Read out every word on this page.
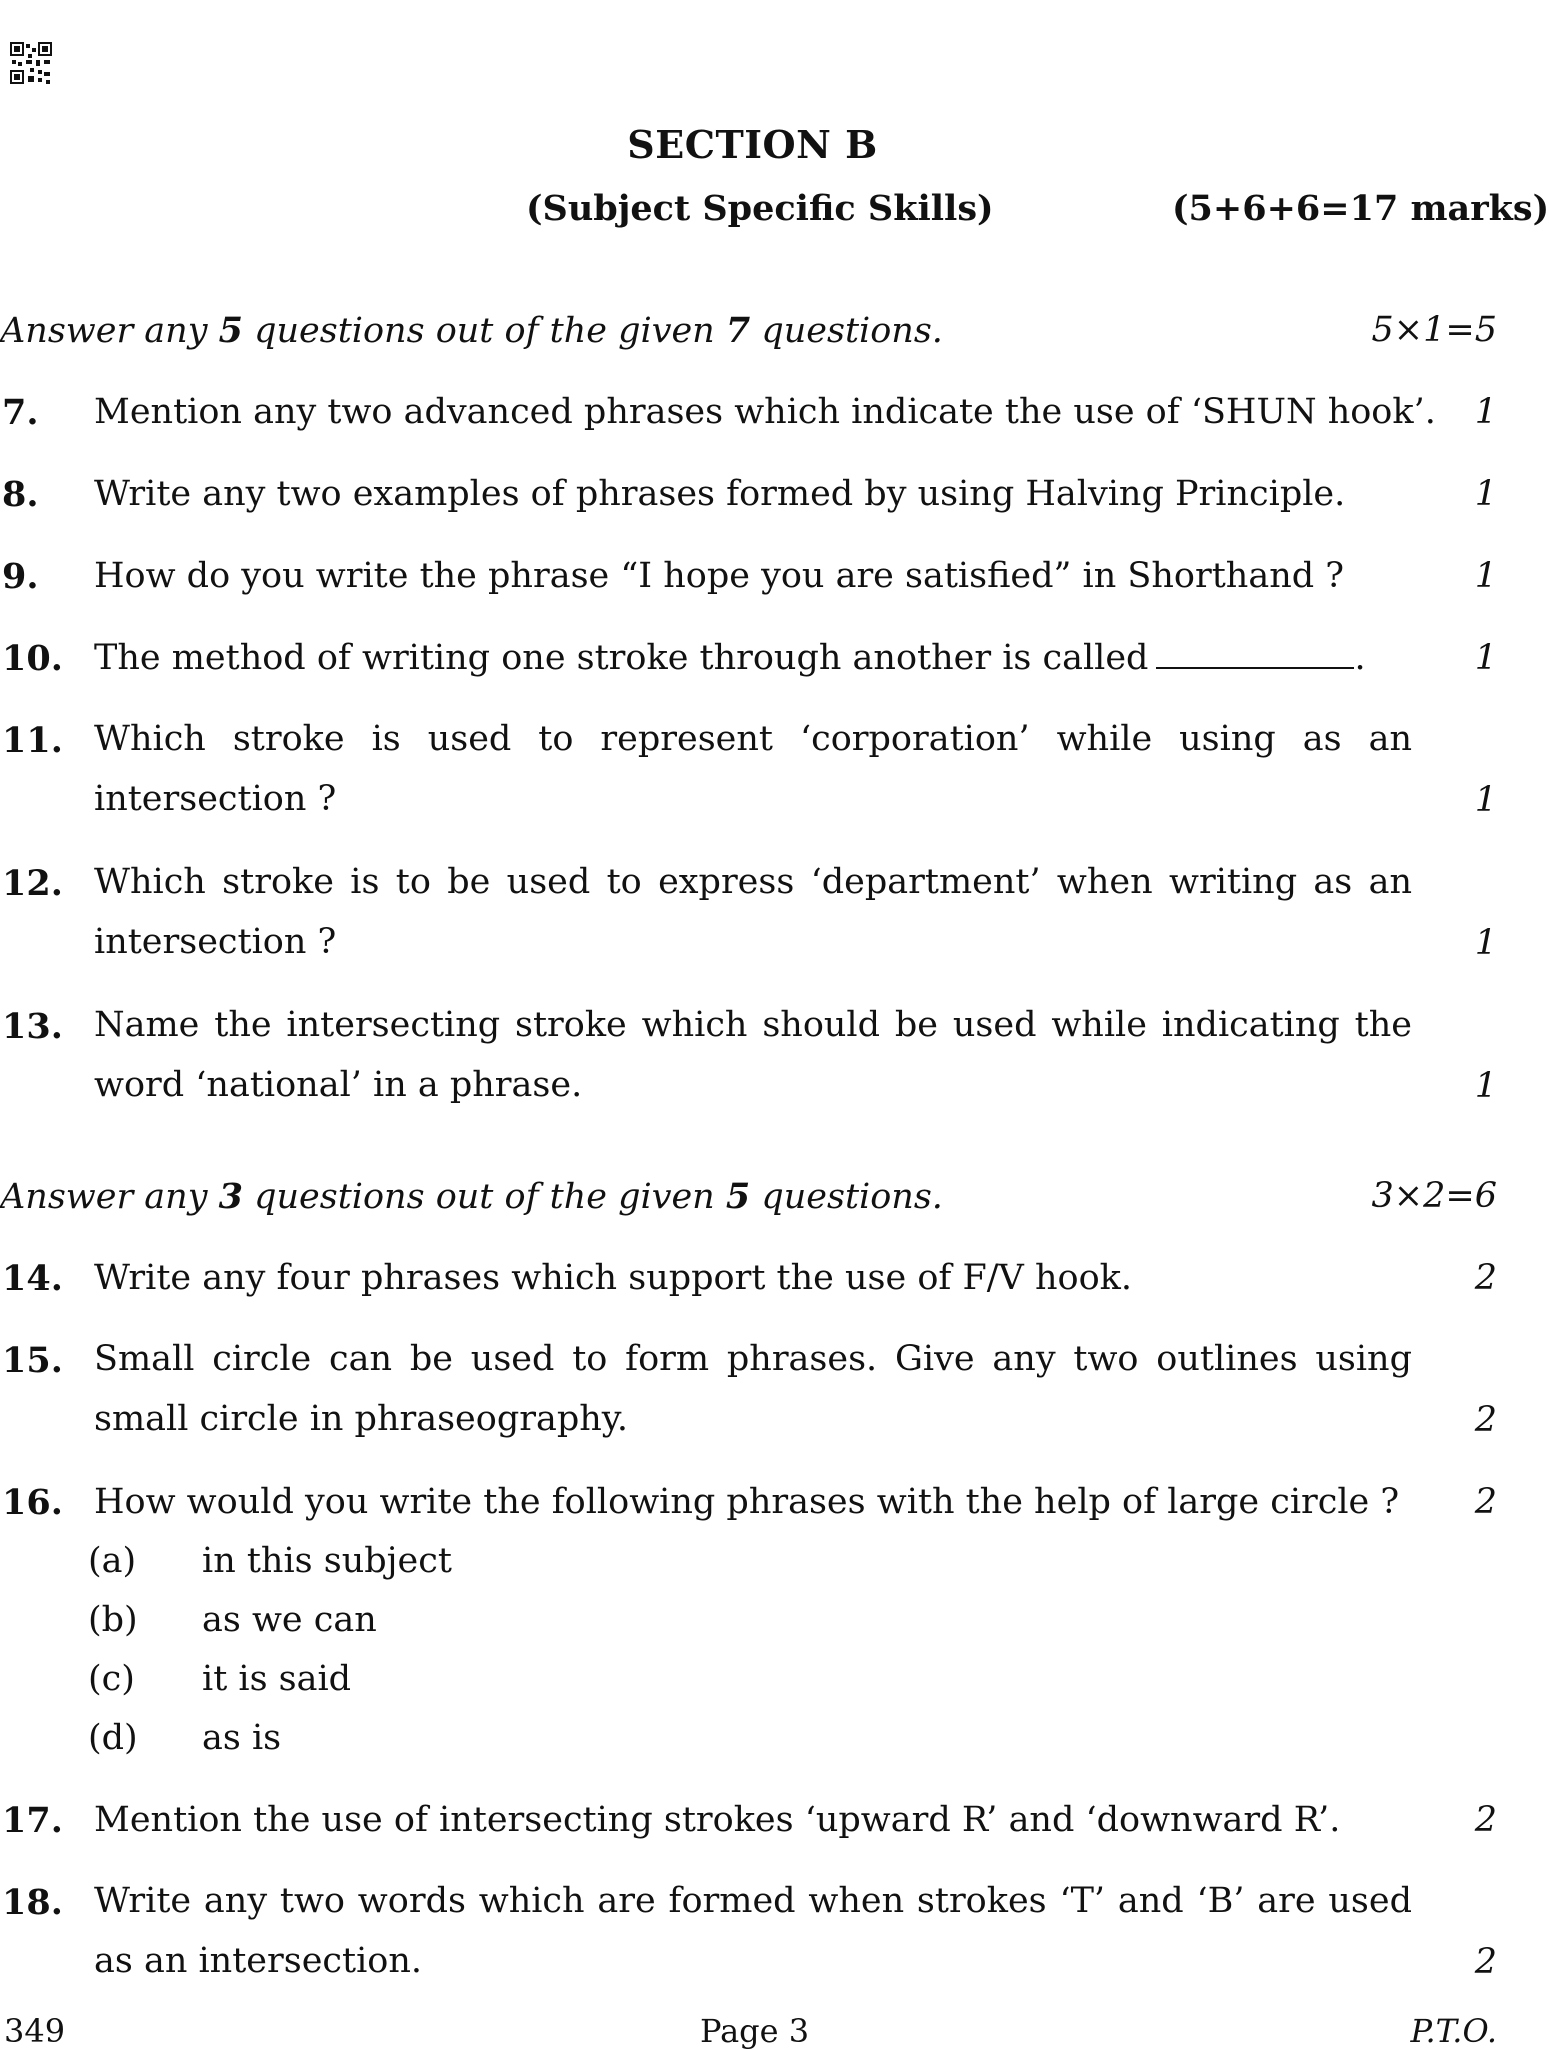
SECTION B
(Subject Specific Skills)	(5+6+6=17 marks)
Answer any 5 questions out of the given 7 questions.	5×1=5
7. Mention any two advanced phrases which indicate the use of ‘SHUN hook’. 1
8. Write any two examples of phrases formed by using Halving Principle.	1
9. How do you write the phrase “I hope you are satisfied” in Shorthand ?	1
10. The method of writing one stroke through another is called	.	1
11. Which stroke is used to represent ‘corporation’ while using as an intersection ?	1
12. Which stroke is to be used to express ‘department’ when writing as an intersection ?	1
13. Name the intersecting stroke which should be used while indicating the word ‘national’ in a phrase.	1
Answer any 3 questions out of the given 5 questions.	3×2=6
14. Write any four phrases which support the use of F/V hook.	2
15. Small circle can be used to form phrases. Give any two outlines using small circle in phraseography.	2
16. How would you write the following phrases with the help of large circle ?	2
(a) in this subject
(b) as we can
(c) it is said
(d) as is
17. Mention the use of intersecting strokes ‘upward R’ and ‘downward R’.	2
18. Write any two words which are formed when strokes ‘T’ and ‘B’ are used as an intersection.	2
349	Page 3	P.T.O.
